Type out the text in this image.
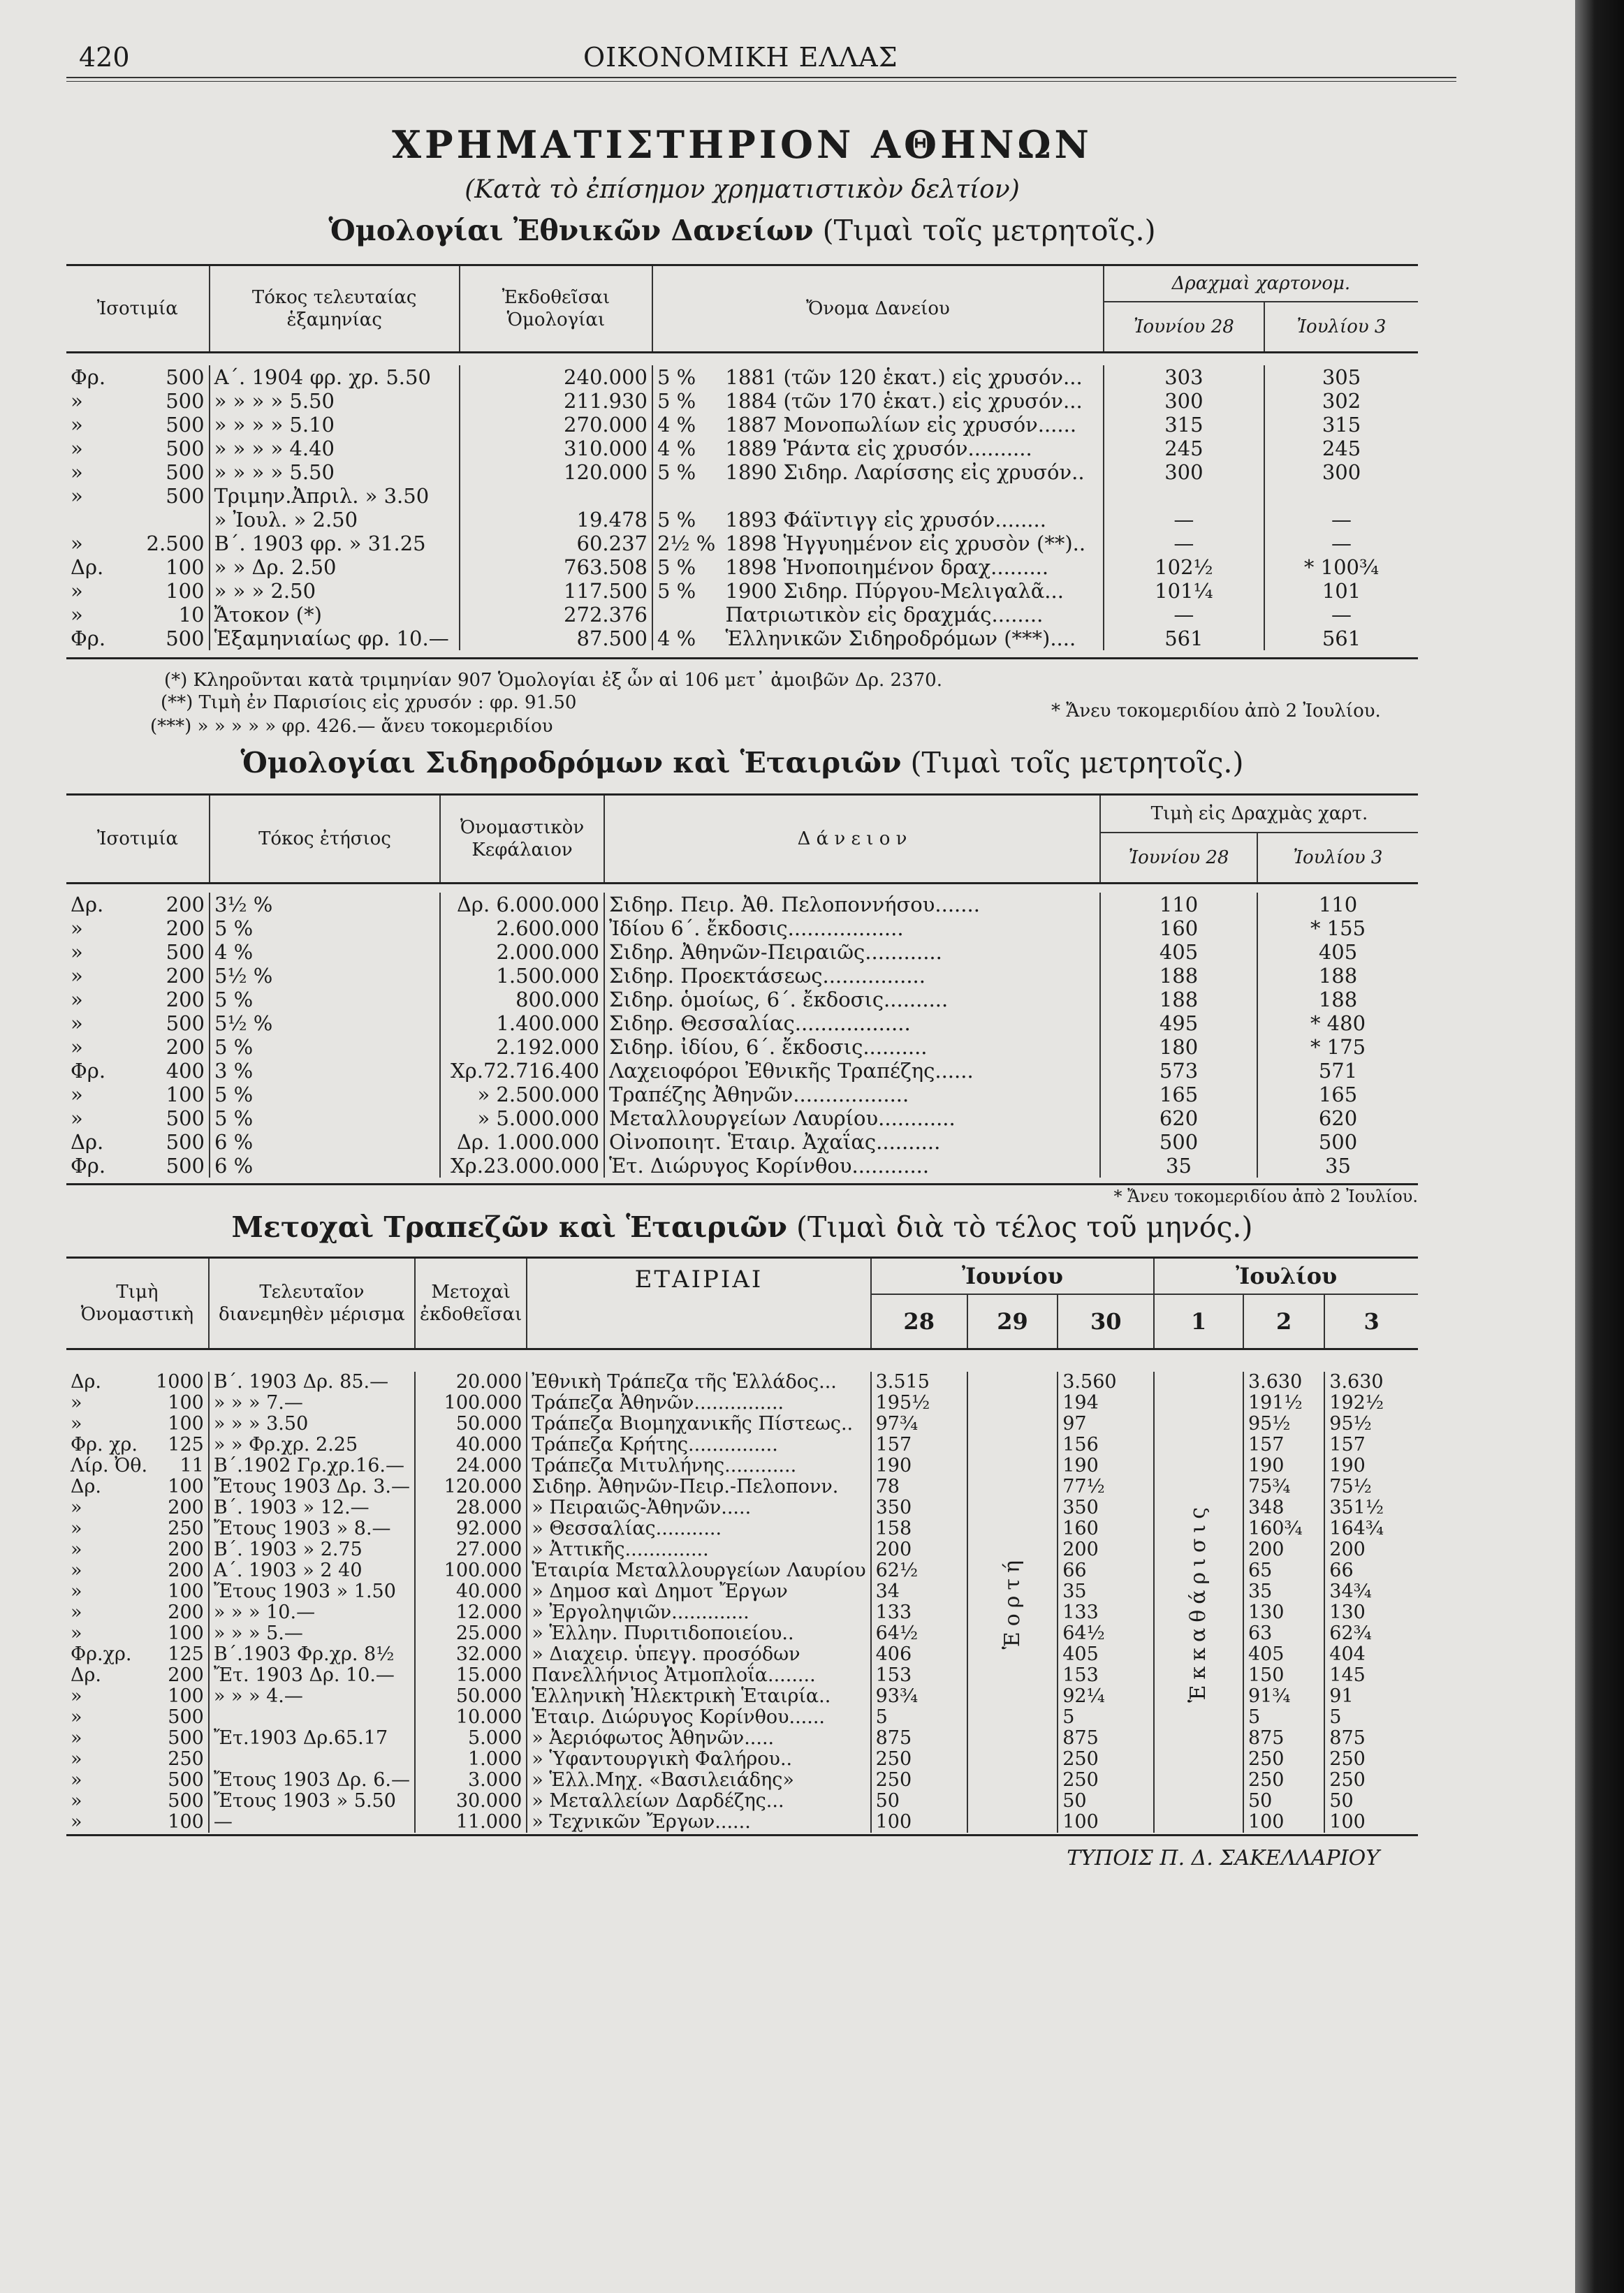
420	ΟΙΚΟΝΟΜΙΚΗ ΕΛΛΑΣ
ΧΡΗΜΑΤΙΣΤΗΡΙΟΝ ΑΘΗΝΩΝ
(Κατὰ τὸ ἐπίσημον χρηματιστικὸν δελτίον)
Ὁμολογίαι Ἐθνικῶν Δανείων (Τιμαὶ τοῖς μετρητοῖς.)
Ἰσοτιμία		Τόκος τελευταίας ἑξαμηνίας	Ἐκδοθεῖσαι Ὁμολογίαι	Ὄνομα Δανείου		Δραχμαὶ χαρτονομ.	
						Ἰουνίου 28	Ἰουλίου 3

Φρ.	500	Α΄. 1904 φρ. χρ. 5.50	240.000	5 %	1881 (τῶν 120 ἑκατ.) εἰς χρυσόν...	303	305
»	500	» » » » 5.50	211.930	5 %	1884 (τῶν 170 ἑκατ.) εἰς χρυσόν...	300	302
»	500	» » » » 5.10	270.000	4 %	1887 Μονοπωλίων εἰς χρυσόν......	315	315
»	500	» » » » 4.40	310.000	4 %	1889 Ῥάντα εἰς χρυσόν..........	245	245
»	500	» » » » 5.50	120.000	5 %	1890 Σιδηρ. Λαρίσσης εἰς χρυσόν..	300	300
»	500	Τριμην.Ἀπριλ. » 3.50					
		» Ἰουλ. » 2.50	19.478	5 %	1893 Φάϊντιγγ εἰς χρυσόν........	—	—
»	2.500	Β΄. 1903 φρ. » 31.25	60.237	2½ %	1898 Ἡγγυημένον εἰς χρυσὸν (**)..	—	—
Δρ.	100	» » Δρ. 2.50	763.508	5 %	1898 Ἡνοποιημένον δραχ.........	102½	* 100¾
»	100	» » » 2.50	117.500	5 %	1900 Σιδηρ. Πύργου-Μελιγαλᾶ...	101¼	101
»	10	Ἄτοκον (*)	272.376		Πατριωτικὸν εἰς δραχμάς........	—	—
Φρ.	500	Ἑξαμηνιαίως φρ. 10.—	87.500	4 %	Ἑλληνικῶν Σιδηροδρόμων (***)....	561	561

(*) Κληροῦνται κατὰ τριμηνίαν 907 Ὁμολογίαι ἐξ ὧν αἱ 106 μετ᾽ ἀμοιβῶν Δρ. 2370.
(**) Τιμὴ ἐν Παρισίοις εἰς χρυσόν : φρ. 91.50	* Ἄνευ τοκομεριδίου ἀπὸ 2 Ἰουλίου.
(***) » » » » » φρ. 426.— ἄνευ τοκομεριδίου
Ὁμολογίαι Σιδηροδρόμων καὶ Ἑταιριῶν (Τιμαὶ τοῖς μετρητοῖς.)
Ἰσοτιμία		Τόκος ἐτήσιος	Ὀνομαστικὸν Κεφάλαιον	Δ ά ν ε ι ο ν	Τιμὴ εἰς Δραχμὰς χαρτ.	
					Ἰουνίου 28	Ἰουλίου 3

Δρ.	200	3½ %	Δρ. 6.000.000	Σιδηρ. Πειρ. Ἀθ. Πελοποννήσου.......	110	110
»	200	5 %	2.600.000	Ἰδίου 6΄. ἔκδοσις..................	160	* 155
»	500	4 %	2.000.000	Σιδηρ. Ἀθηνῶν-Πειραιῶς............	405	405
»	200	5½ %	1.500.000	Σιδηρ. Προεκτάσεως................	188	188
»	200	5 %	800.000	Σιδηρ. ὁμοίως, 6΄. ἔκδοσις..........	188	188
»	500	5½ %	1.400.000	Σιδηρ. Θεσσαλίας..................	495	* 480
»	200	5 %	2.192.000	Σιδηρ. ἰδίου, 6΄. ἔκδοσις..........	180	* 175
Φρ.	400	3 %	Χρ.72.716.400	Λαχειοφόροι Ἐθνικῆς Τραπέζης......	573	571
»	100	5 %	» 2.500.000	Τραπέζης Ἀθηνῶν..................	165	165
»	500	5 %	» 5.000.000	Μεταλλουργείων Λαυρίου............	620	620
Δρ.	500	6 %	Δρ. 1.000.000	Οἰνοποιητ. Ἑταιρ. Ἀχαΐας..........	500	500
Φρ.	500	6 %	Χρ.23.000.000	Ἑτ. Διώρυγος Κορίνθου............	35	35

* Ἄνευ τοκομεριδίου ἀπὸ 2 Ἰουλίου.
Μετοχαὶ Τραπεζῶν καὶ Ἑταιριῶν (Τιμαὶ διὰ τὸ τέλος τοῦ μηνός.)
Τιμὴ Ὀνομαστικὴ		Τελευταῖον διανεμηθὲν μέρισμα	Μετοχαὶ ἐκδοθεῖσαι	ΕΤΑΙΡΙΑΙ	Ἰουνίου			Ἰουλίου		
					28	29	30	1	2	3

Δρ.	1000	Β΄. 1903 Δρ. 85.—	20.000	Ἐθνικὴ Τράπεζα τῆς Ἑλλάδος...	3.515	Ἑορτή	3.560	Ἑκκαθάρισις	3.630	3.630
»	100	» » » 7.—	100.000	Τράπεζα Ἀθηνῶν...............	195½		194		191½	192½
»	100	» » » 3.50	50.000	Τράπεζα Βιομηχανικῆς Πίστεως..	97¾		97		95½	95½
Φρ. χρ.	125	» » Φρ.χρ. 2.25	40.000	Τράπεζα Κρήτης...............	157		156		157	157
Λίρ. Ὀθ.	11	Β΄.1902 Γρ.χρ.16.—	24.000	Τράπεζα Μιτυλήνης............	190		190		190	190
Δρ.	100	Ἔτους 1903 Δρ. 3.—	120.000	Σιδηρ. Ἀθηνῶν-Πειρ.-Πελοπονν.	78		77½		75¾	75½
»	200	Β΄. 1903 » 12.—	28.000	» Πειραιῶς-Ἀθηνῶν.....	350		350		348	351½
»	250	Ἔτους 1903 » 8.—	92.000	» Θεσσαλίας...........	158		160		160¾	164¾
»	200	Β΄. 1903 » 2.75	27.000	» Ἀττικῆς..............	200		200		200	200
»	200	Α΄. 1903 » 2 40	100.000	Ἑταιρία Μεταλλουργείων Λαυρίου	62½		66		65	66
»	100	Ἔτους 1903 » 1.50	40.000	» Δημοσ καὶ Δημοτ Ἔργων	34		35		35	34¾
»	200	» » » 10.—	12.000	» Ἐργοληψιῶν.............	133		133		130	130
»	100	» » » 5.—	25.000	» Ἑλλην. Πυριτιδοποιείου..	64½		64½		63	62¾
Φρ.χρ.	125	Β΄.1903 Φρ.χρ. 8½	32.000	» Διαχειρ. ὑπεγγ. προσόδων	406		405		405	404
Δρ.	200	Ἔτ. 1903 Δρ. 10.—	15.000	Πανελλήνιος Ἀτμοπλοΐα........	153		153		150	145
»	100	» » » 4.—	50.000	Ἑλληνικὴ Ἠλεκτρικὴ Ἑταιρία..	93¾		92¼		91¾	91
»	500		10.000	Ἑταιρ. Διώρυγος Κορίνθου......	5		5		5	5
»	500	Ἔτ.1903 Δρ.65.17	5.000	» Ἀεριόφωτος Ἀθηνῶν.....	875		875		875	875
»	250		1.000	» Ὑφαντουργικὴ Φαλήρου..	250		250		250	250
»	500	Ἔτους 1903 Δρ. 6.—	3.000	» Ἑλλ.Μηχ. «Βασιλειάδης»	250		250		250	250
»	500	Ἔτους 1903 » 5.50	30.000	» Μεταλλείων Δαρδέζης...	50		50		50	50
»	100	—	11.000	» Τεχνικῶν Ἔργων......	100		100		100	100
ΤΥΠΟΙΣ Π. Δ. ΣΑΚΕΛΛΑΡΙΟΥ
